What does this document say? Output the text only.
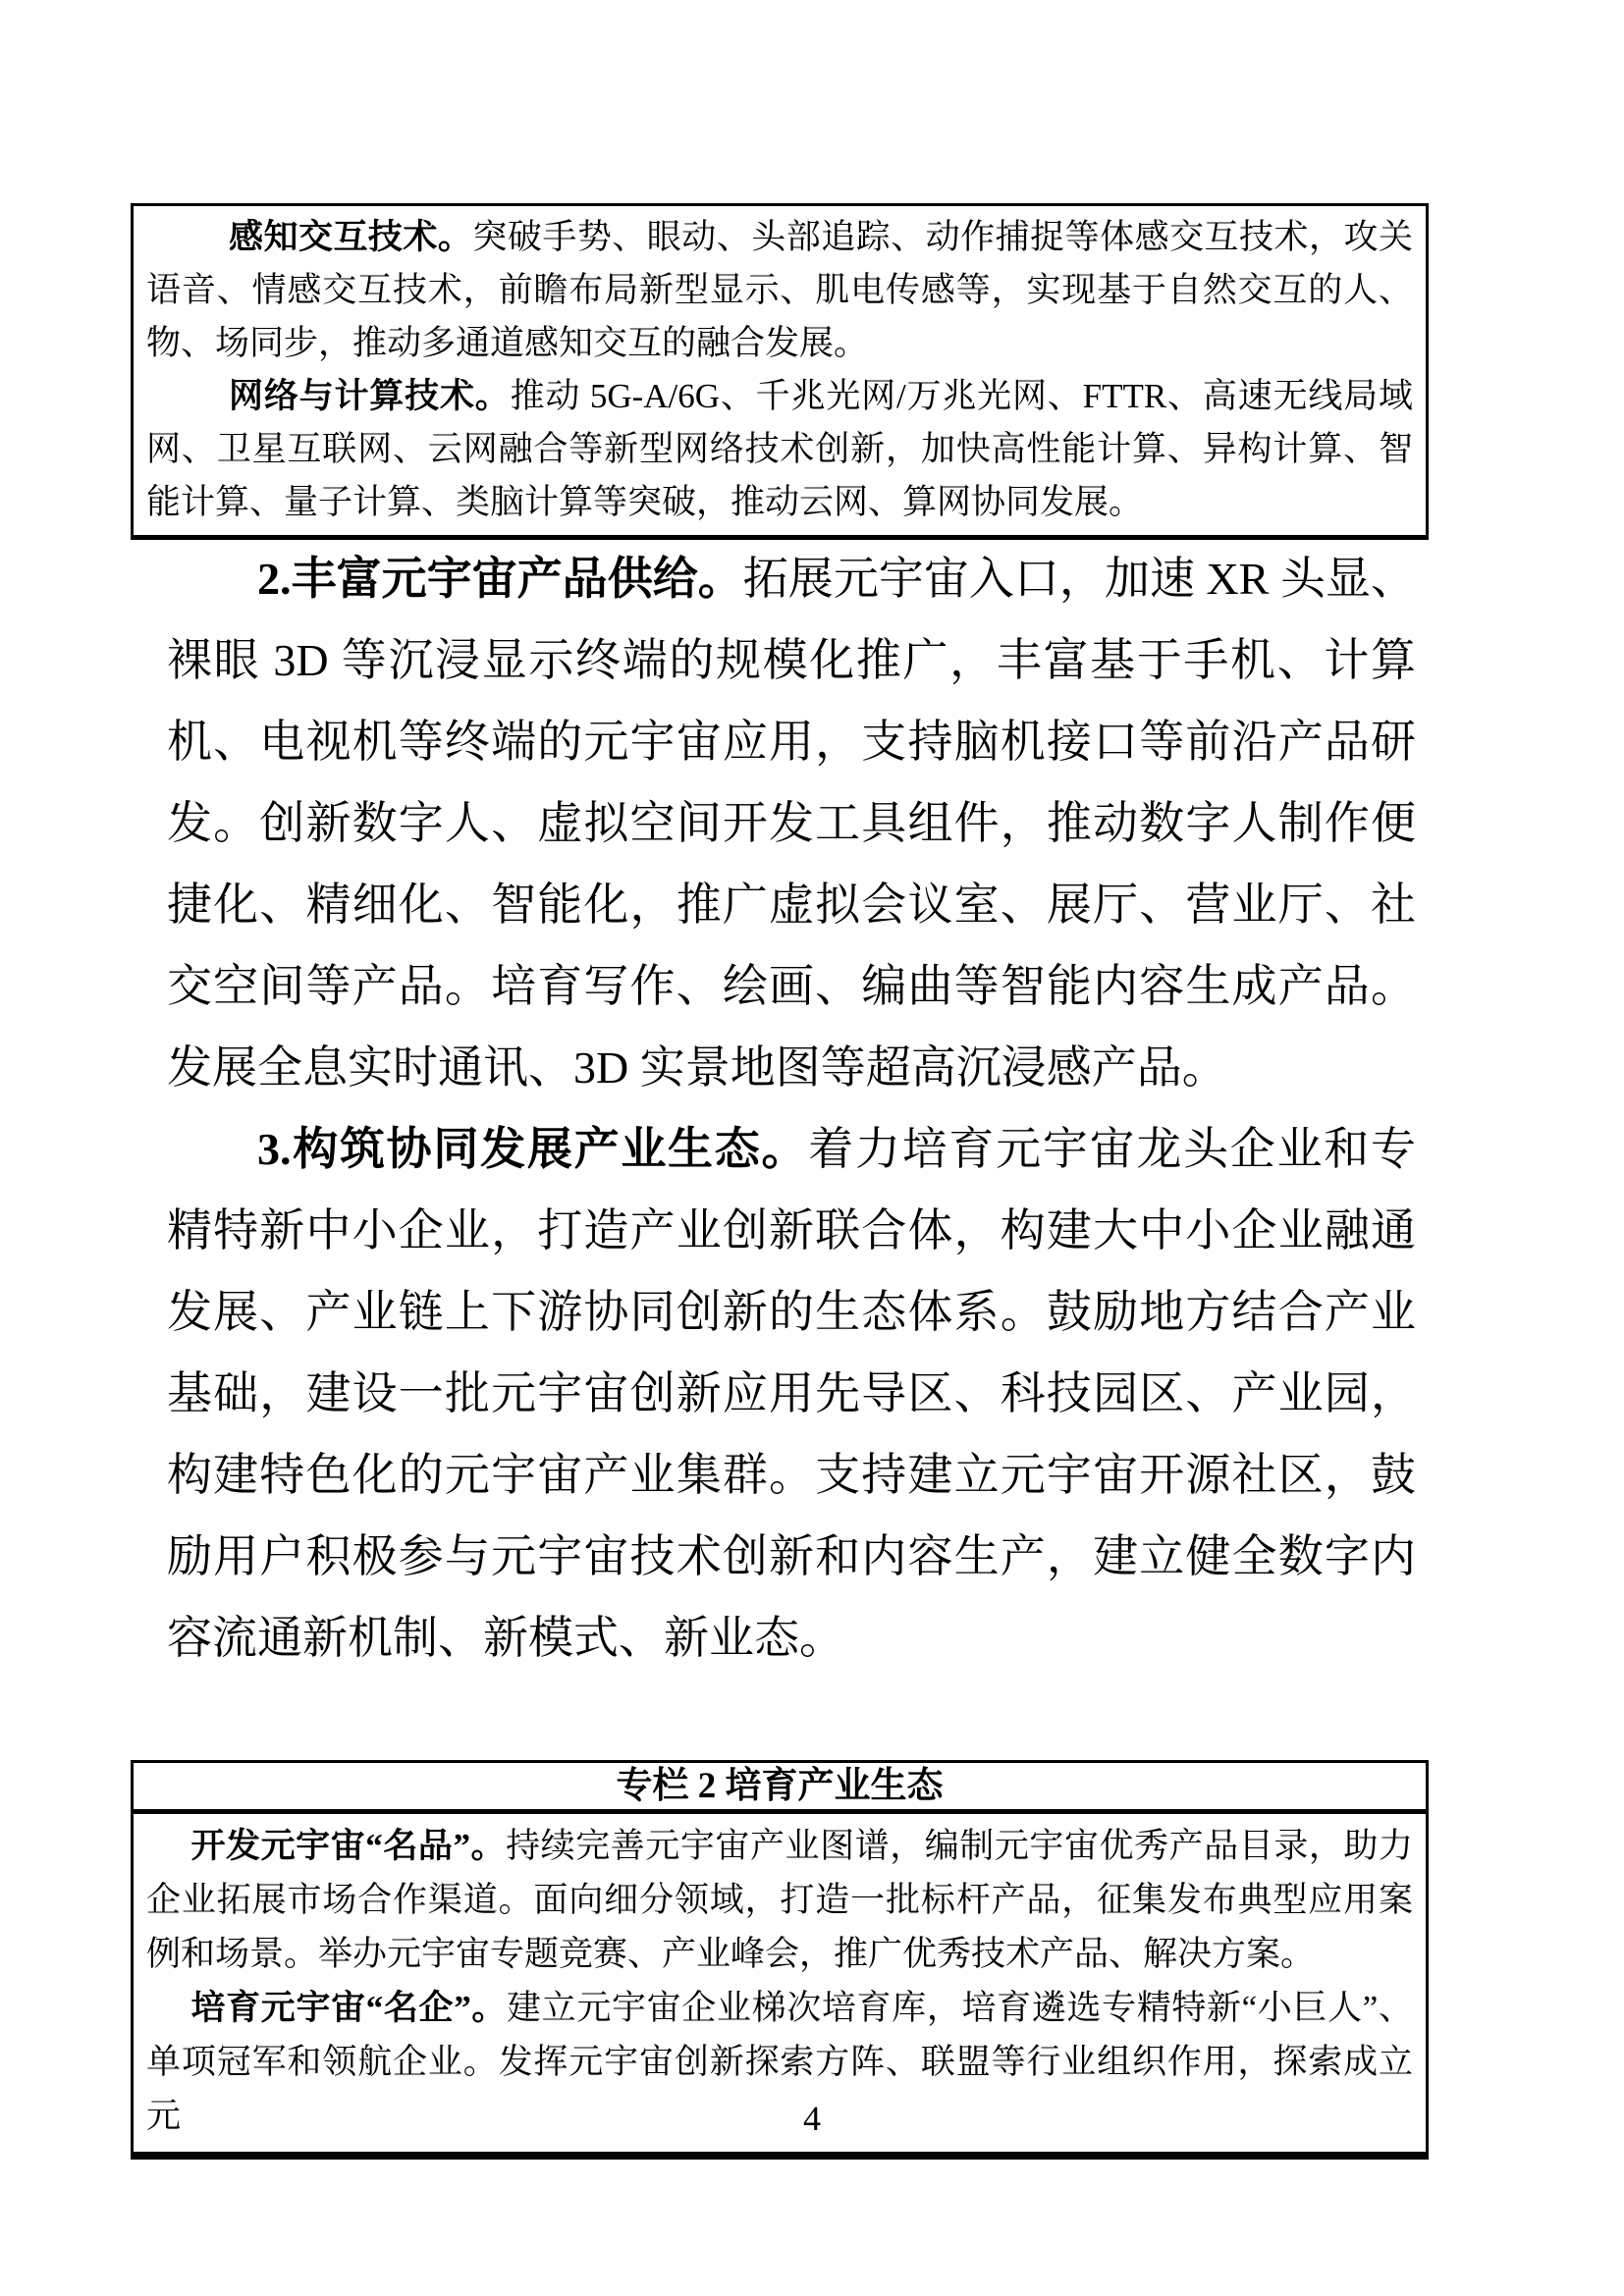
感知交互技术。突破手势、眼动、头部追踪、动作捕捉等体感交互技术，攻关语音、情感交互技术，前瞻布局新型显示、肌电传感等，实现基于自然交互的人、物、场同步，推动多通道感知交互的融合发展。

网络与计算技术。推动 5G-A/6G、千兆光网/万兆光网、FTTR、高速无线局域网、卫星互联网、云网融合等新型网络技术创新，加快高性能计算、异构计算、智能计算、量子计算、类脑计算等突破，推动云网、算网协同发展。

2.丰富元宇宙产品供给。拓展元宇宙入口，加速 XR 头显、裸眼 3D 等沉浸显示终端的规模化推广，丰富基于手机、计算机、电视机等终端的元宇宙应用，支持脑机接口等前沿产品研发。创新数字人、虚拟空间开发工具组件，推动数字人制作便捷化、精细化、智能化，推广虚拟会议室、展厅、营业厅、社交空间等产品。培育写作、绘画、编曲等智能内容生成产品。发展全息实时通讯、3D 实景地图等超高沉浸感产品。

3.构筑协同发展产业生态。着力培育元宇宙龙头企业和专精特新中小企业，打造产业创新联合体，构建大中小企业融通发展、产业链上下游协同创新的生态体系。鼓励地方结合产业基础，建设一批元宇宙创新应用先导区、科技园区、产业园，构建特色化的元宇宙产业集群。支持建立元宇宙开源社区，鼓励用户积极参与元宇宙技术创新和内容生产，建立健全数字内容流通新机制、新模式、新业态。

专栏 2 培育产业生态

开发元宇宙“名品”。持续完善元宇宙产业图谱，编制元宇宙优秀产品目录，助力企业拓展市场合作渠道。面向细分领域，打造一批标杆产品，征集发布典型应用案例和场景。举办元宇宙专题竞赛、产业峰会，推广优秀技术产品、解决方案。

培育元宇宙“名企”。建立元宇宙企业梯次培育库，培育遴选专精特新“小巨人”、单项冠军和领航企业。发挥元宇宙创新探索方阵、联盟等行业组织作用，探索成立元	4
